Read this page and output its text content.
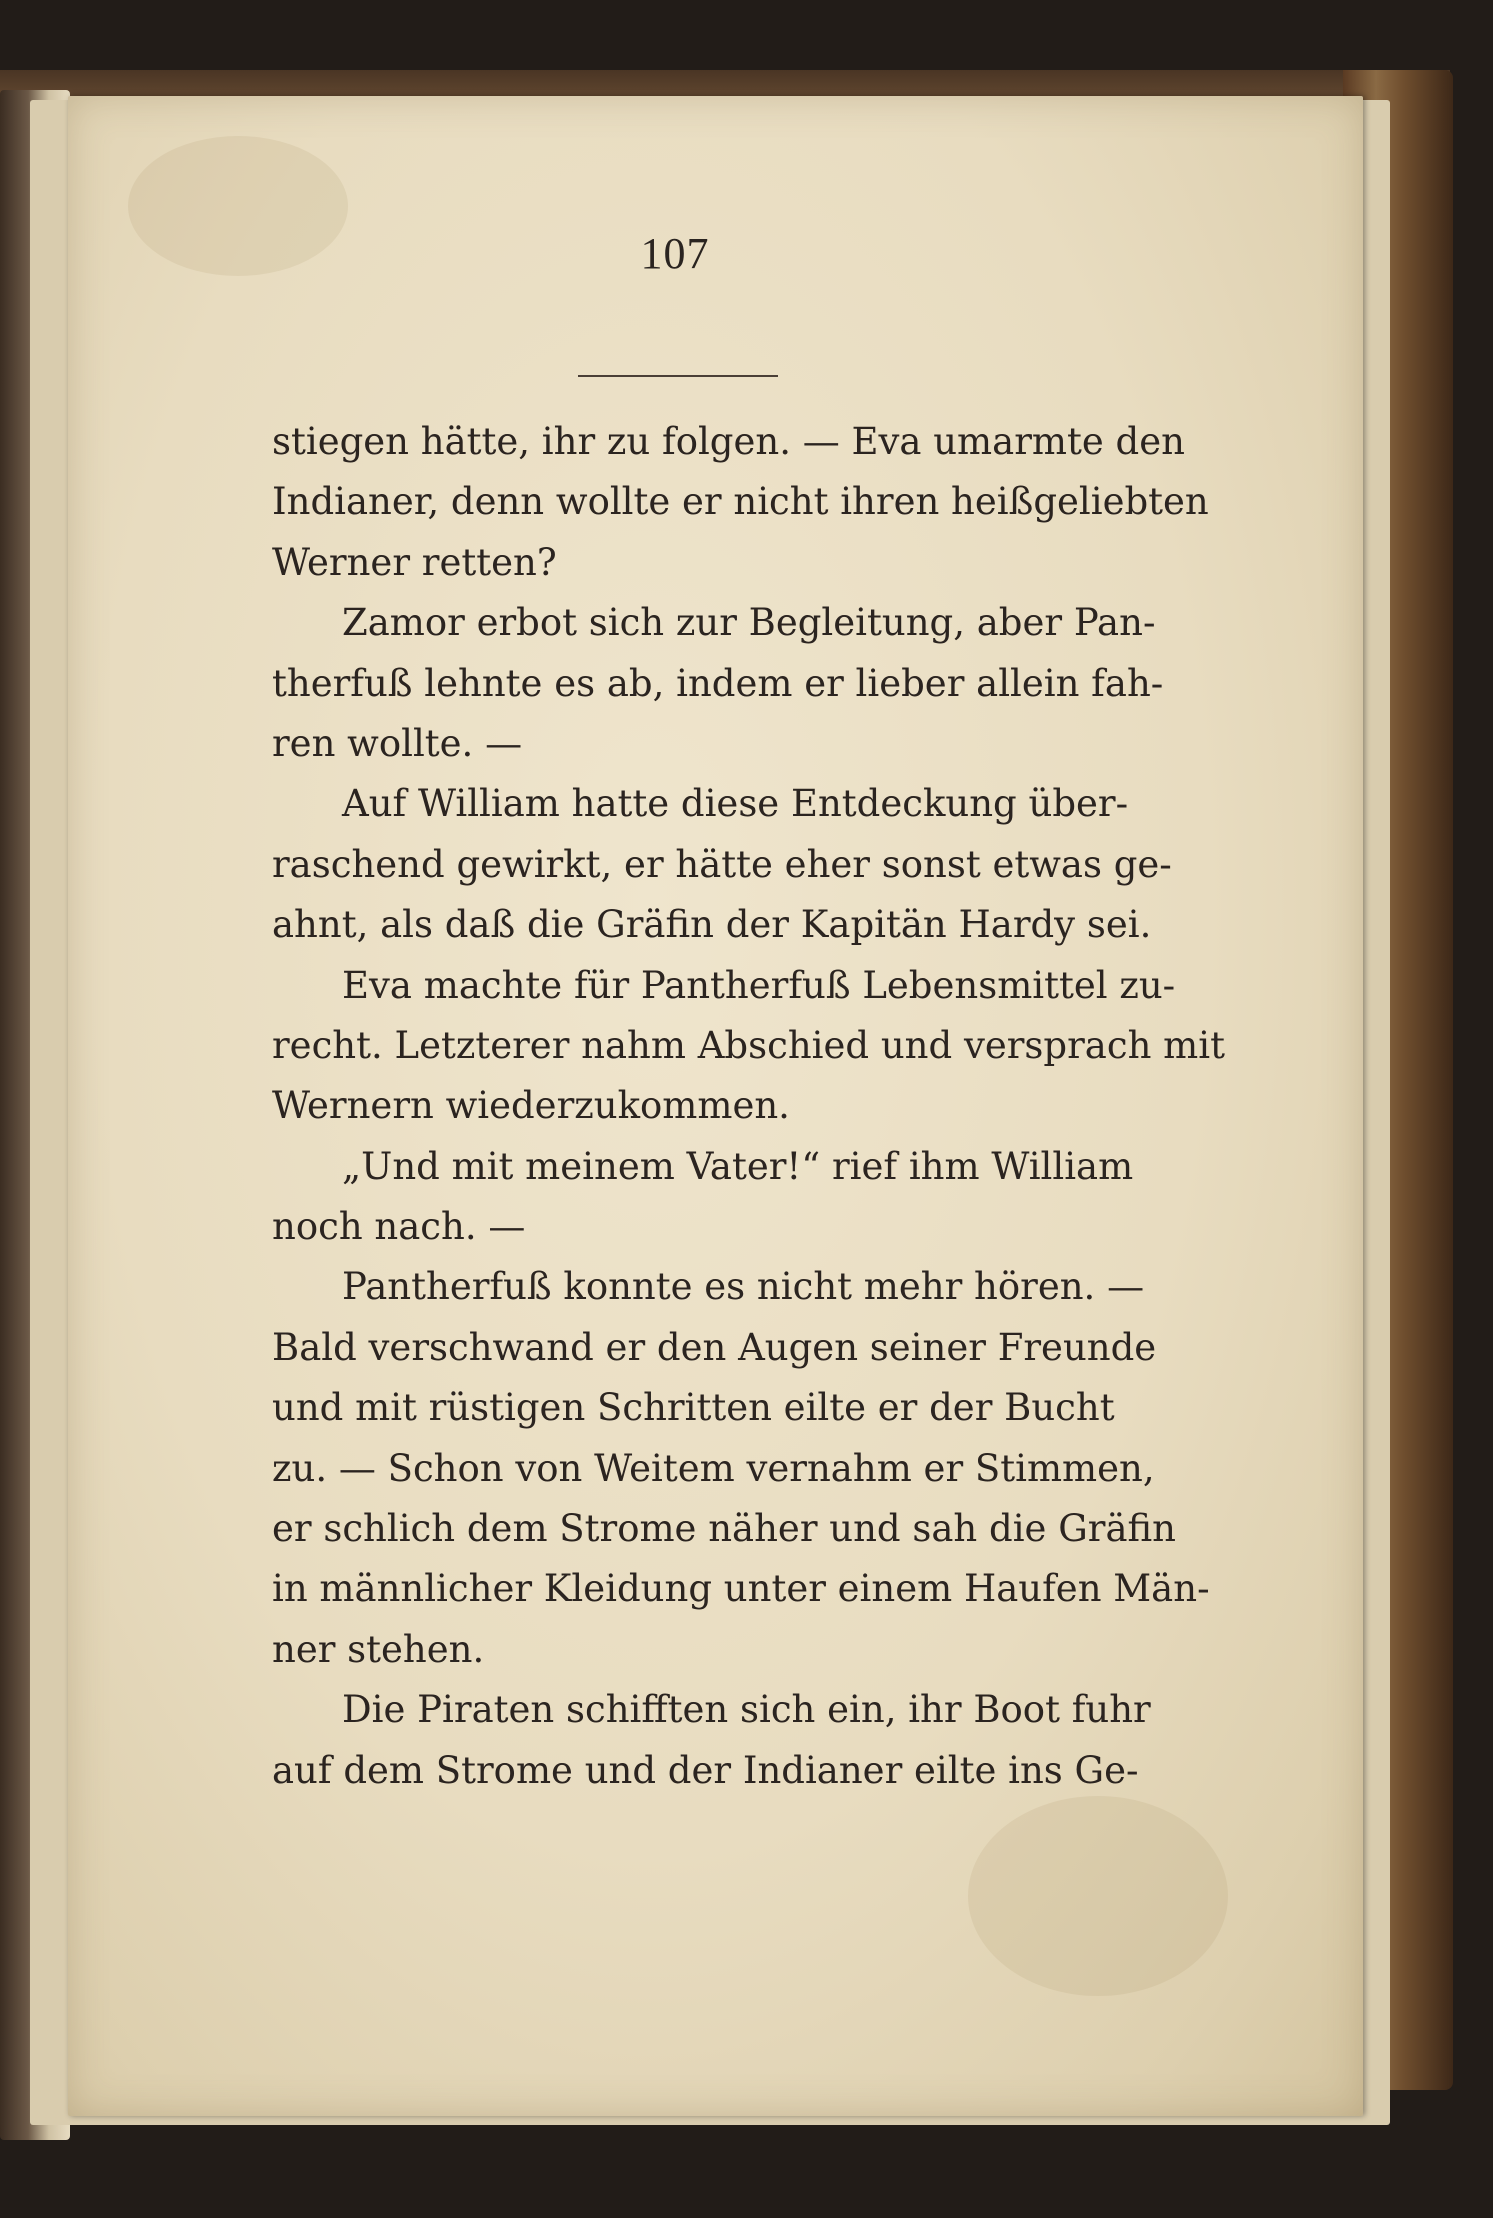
107
stiegen hätte, ihr zu folgen. — Eva umarmte den
Indianer, denn wollte er nicht ihren heißgeliebten
Werner retten?
Zamor erbot sich zur Begleitung, aber Pan-
therfuß lehnte es ab, indem er lieber allein fah-
ren wollte. —
Auf William hatte diese Entdeckung über-
raschend gewirkt, er hätte eher sonst etwas ge-
ahnt, als daß die Gräfin der Kapitän Hardy sei.
Eva machte für Pantherfuß Lebensmittel zu-
recht. Letzterer nahm Abschied und versprach mit
Wernern wiederzukommen.
„Und mit meinem Vater!“ rief ihm William
noch nach. —
Pantherfuß konnte es nicht mehr hören. —
Bald verschwand er den Augen seiner Freunde
und mit rüstigen Schritten eilte er der Bucht
zu. — Schon von Weitem vernahm er Stimmen,
er schlich dem Strome näher und sah die Gräfin
in männlicher Kleidung unter einem Haufen Män-
ner stehen.
Die Piraten schifften sich ein, ihr Boot fuhr
auf dem Strome und der Indianer eilte ins Ge-
